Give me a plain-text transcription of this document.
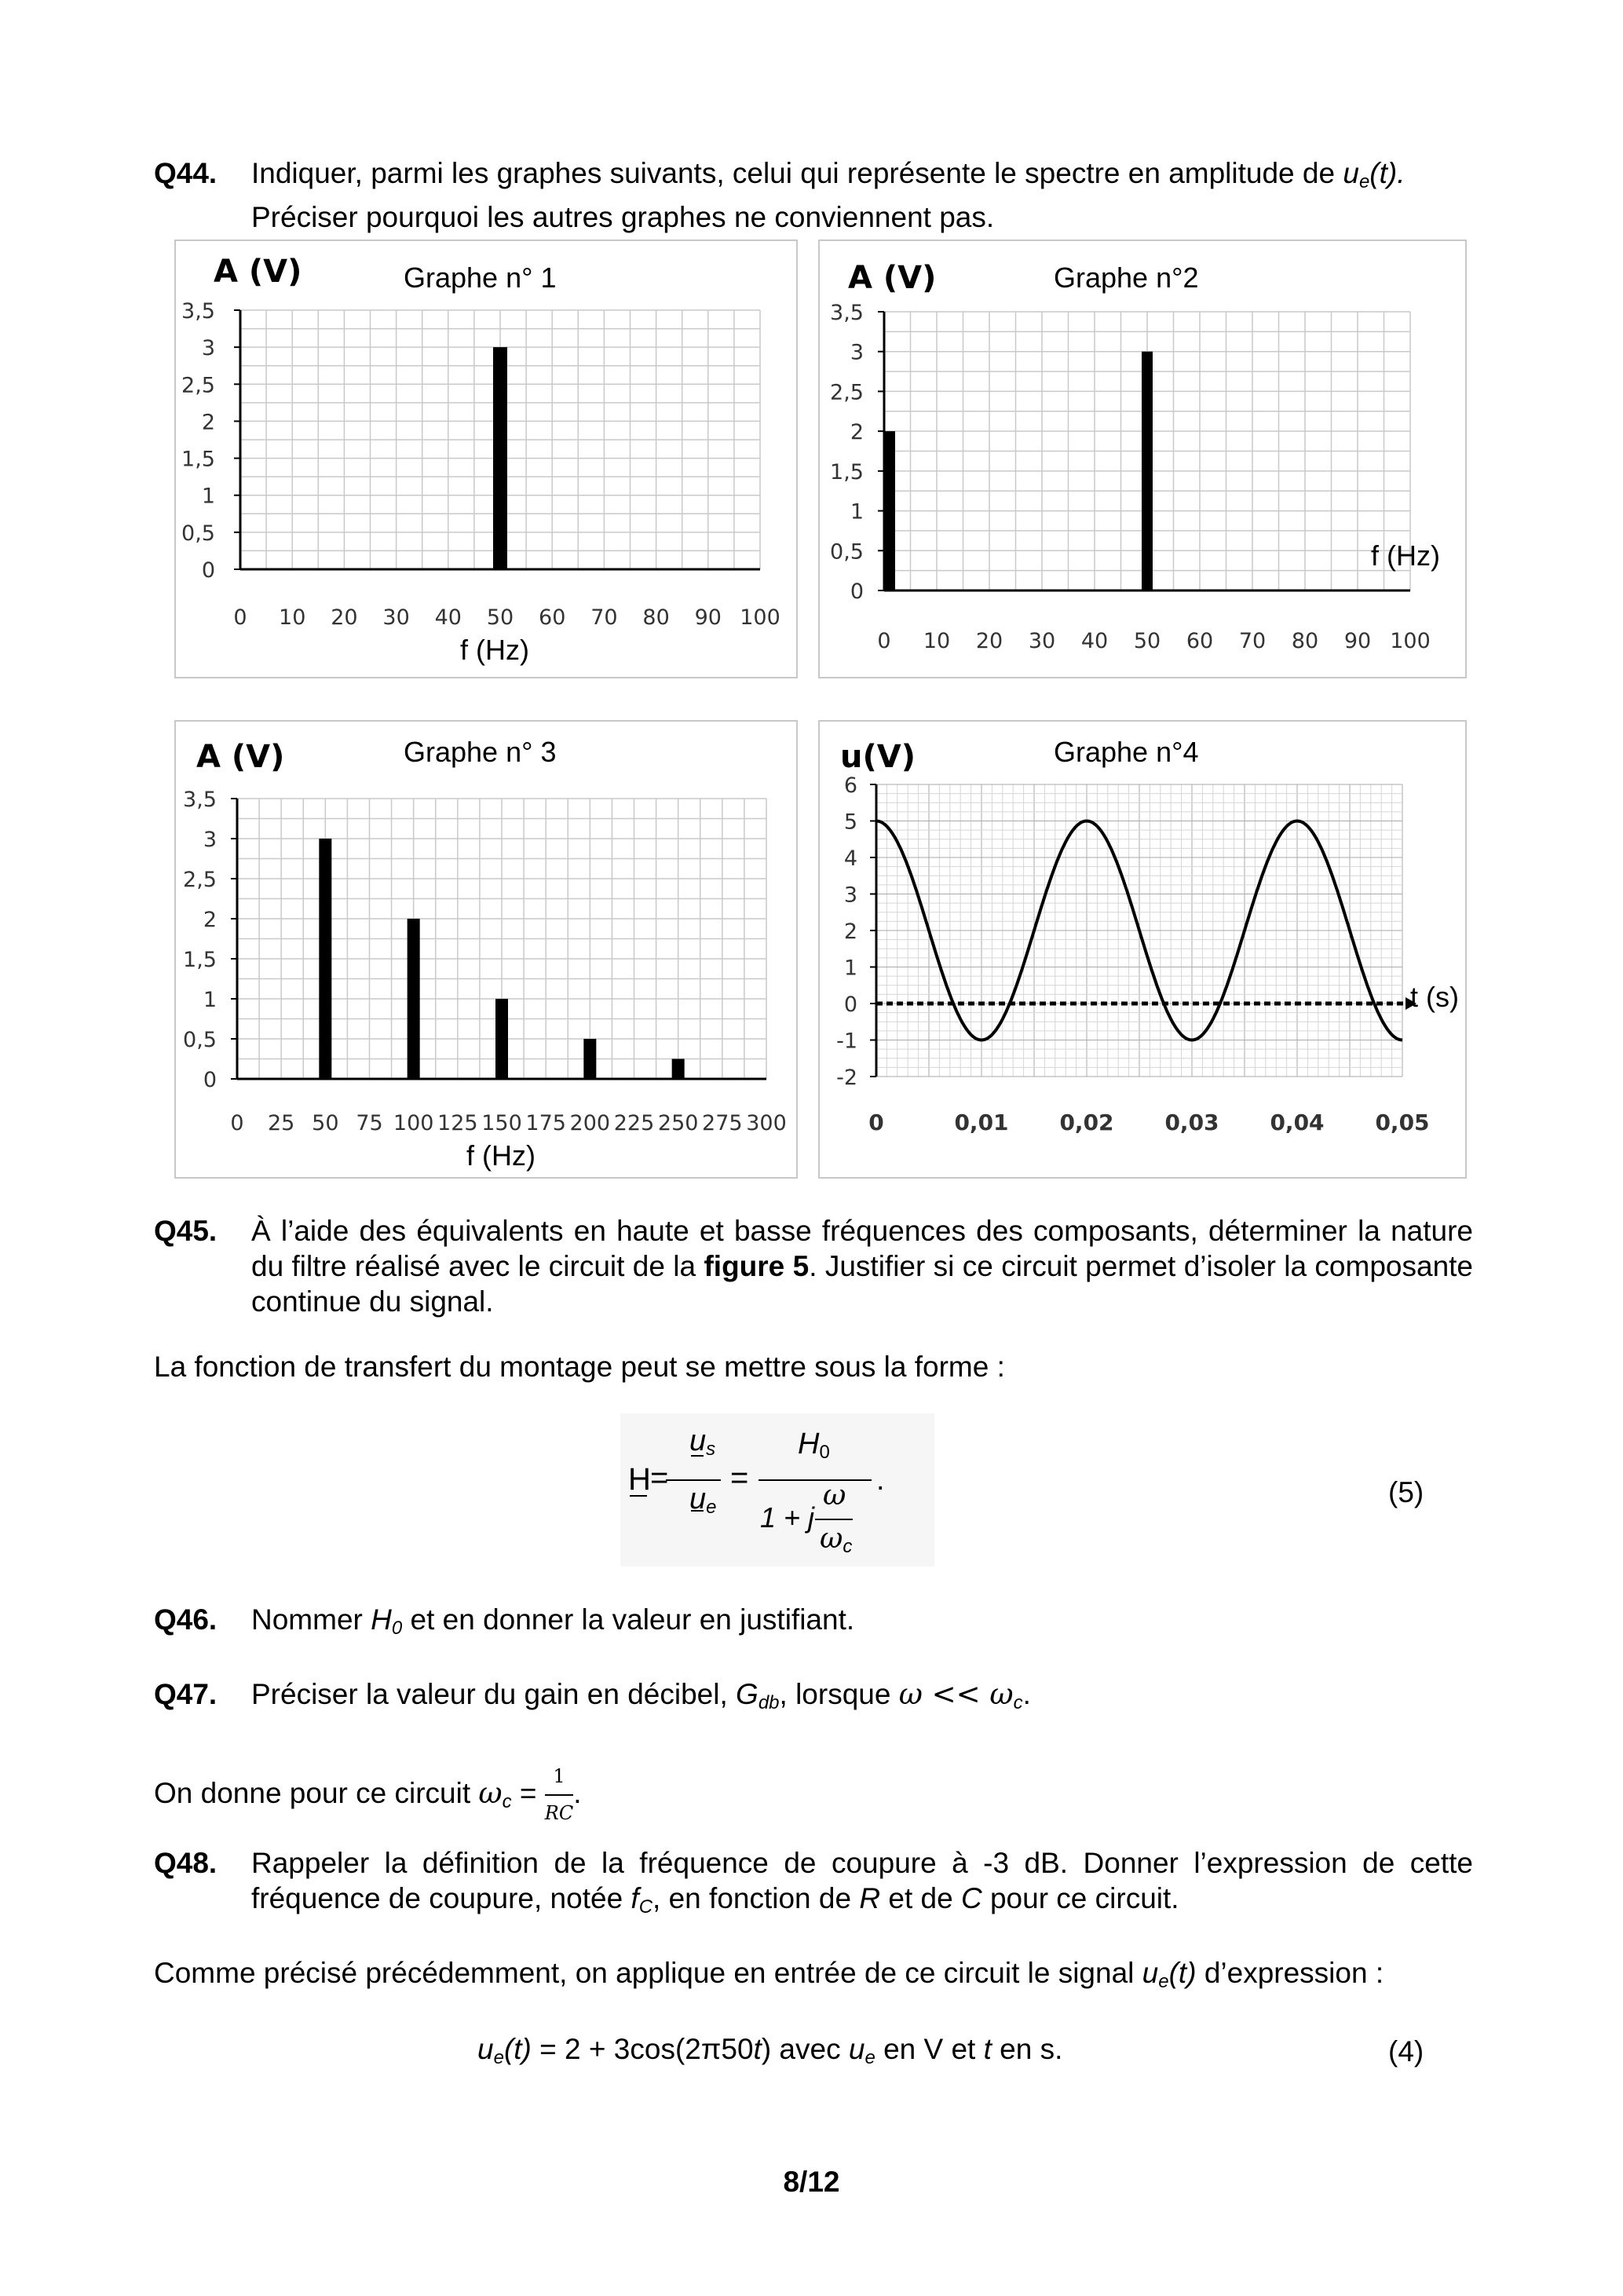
Q44. Indiquer, parmi les graphes suivants, celui qui représente le spectre en amplitude de $u_e(t)$.
Préciser pourquoi les autres graphes ne conviennent pas.
3,5
3
2,5
2
1,5
1
0,5
0
0 10 20 30 40 50 60 70 80 90 100
A (V)	Graphe n° 1
f (Hz)
3,5
3
2,5
2
1,5
1
0,5
0
0 10 20 30 40 50 60 70 80 90 100
A (V)	Graphe n°2
f (Hz)
3,5
3
2,5
2
1,5
1
0,5
0
0 25 50 75 100 125 150 175 200 225 250 275 300
A (V)	Graphe n° 3
f (Hz)
6
5
4
3
2
1
0
-1
-2
0	0,01 0,02 0,03 0,04 0,05
u(V)	Graphe n°4
t (s)
Q45. À l’aide des équivalents en haute et basse fréquences des composants, déterminer la nature du filtre réalisé avec le circuit de la figure 5. Justifier si ce circuit permet d’isoler la composante continue du signal.
La fonction de transfert du montage peut se mettre sous la forme :
H =
$u_s$
$u_e$
=
$H_0$
1 + j
ω
$\omega_c$
.	(5)
Q46. Nommer $H_0$ et en donner la valeur en justifiant.
Q47. Préciser la valeur du gain en décibel, $G_{db}$, lorsque $\omega << \omega_c$.
On donne pour ce circuit $\omega_c = \frac{1}{RC}$ .
Q48. Rappeler la définition de la fréquence de coupure à -3 dB. Donner l’expression de cette fréquence de coupure, notée $f_C$, en fonction de R et de C pour ce circuit.
Comme précisé précédemment, on applique en entrée de ce circuit le signal $u_e(t)$ d’expression :
$u_e(t) = 2 + 3\cos(2\pi 50t)$ avec $u_e$ en V et t en s.	(4)
8/12
